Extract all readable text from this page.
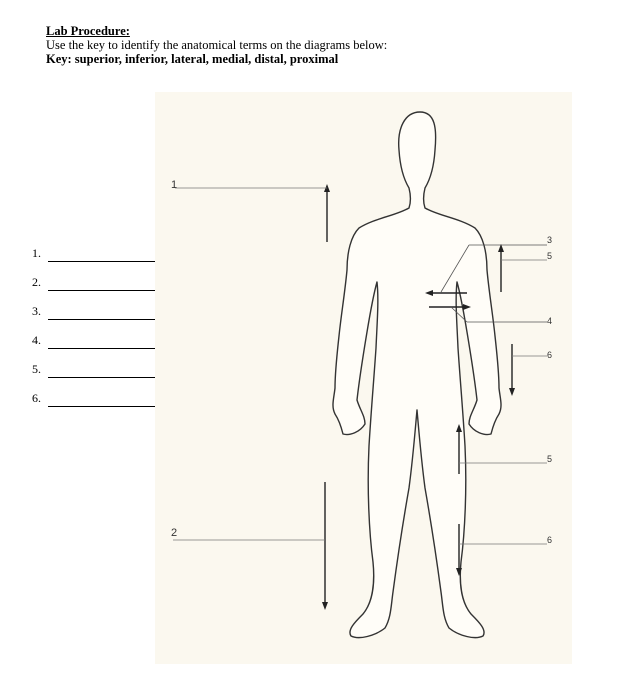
Lab Procedure:
Use the key to identify the anatomical terms on the diagrams below:
Key: superior, inferior, lateral, medial, distal, proximal
1.
2.
3.
4.
5.
6.
1
2
3
5
4
6
5
6
